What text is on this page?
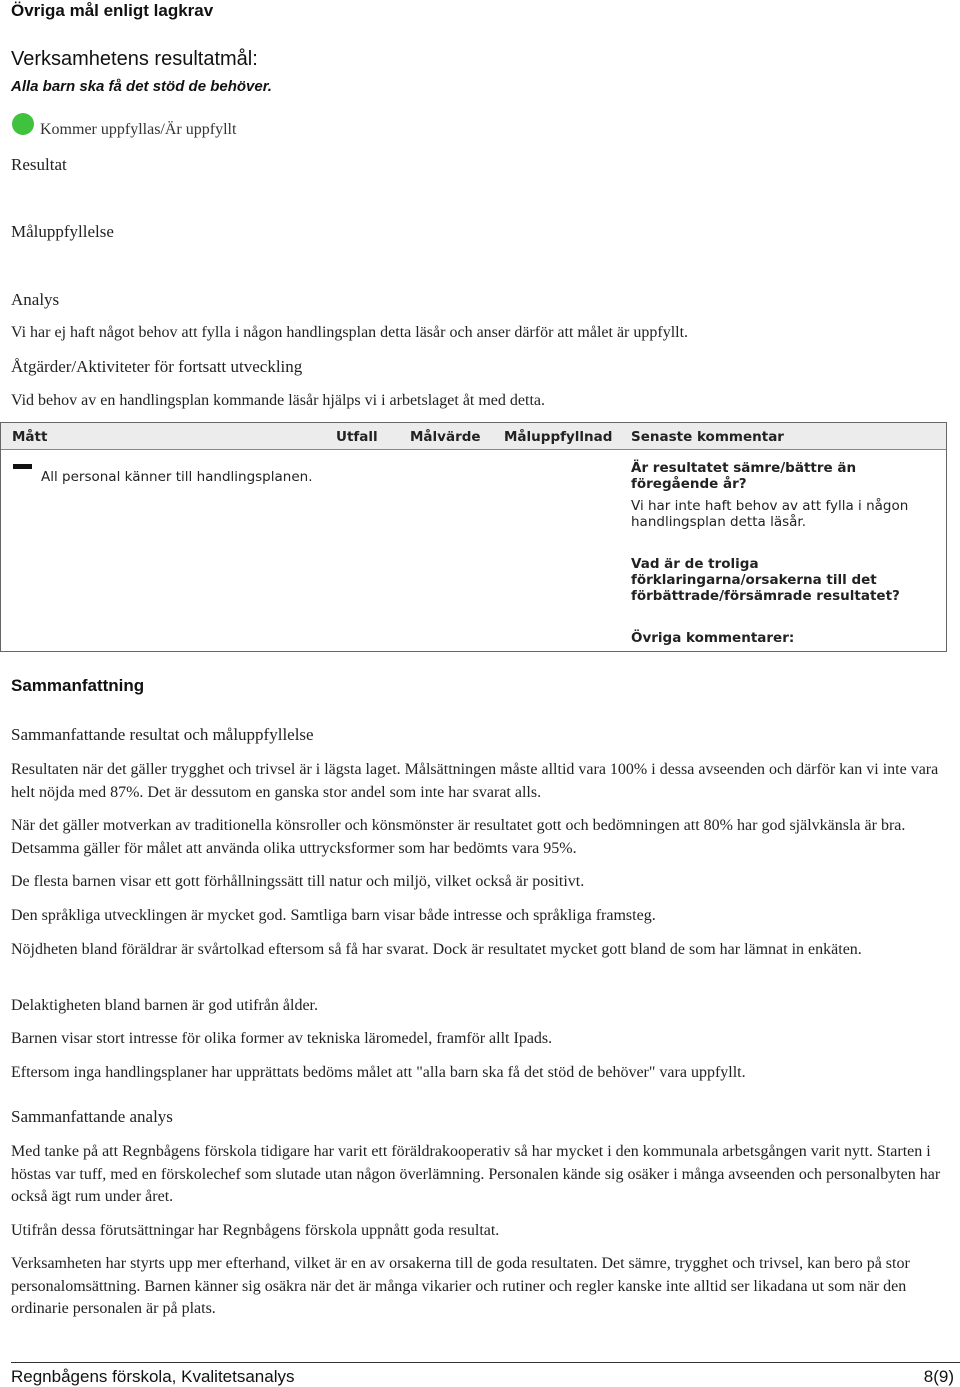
Övriga mål enligt lagkrav
Verksamhetens resultatmål:
Alla barn ska få det stöd de behöver.
Kommer uppfyllas/Är uppfyllt
Resultat
Måluppfyllelse
Analys
Vi har ej haft något behov att fylla i någon handlingsplan detta läsår och anser därför att målet är uppfyllt.
Åtgärder/Aktiviteter för fortsatt utveckling
Vid behov av en handlingsplan kommande läsår hjälps vi i arbetslaget åt med detta.
Mått	Utfall Målvärde Måluppfyllnad Senaste kommentar
All personal känner till handlingsplanen.
Är resultatet sämre/bättre än föregående år?
Vi har inte haft behov av att fylla i någon handlingsplan detta läsår.
Vad är de troliga förklaringarna/orsakerna till det förbättrade/försämrade resultatet?
Övriga kommentarer:
Sammanfattning
Sammanfattande resultat och måluppfyllelse
Resultaten när det gäller trygghet och trivsel är i lägsta laget. Målsättningen måste alltid vara 100% i dessa avseenden och därför kan vi inte vara helt nöjda med 87%. Det är dessutom en ganska stor andel som inte har svarat alls.
När det gäller motverkan av traditionella könsroller och könsmönster är resultatet gott och bedömningen att 80% har god självkänsla är bra. Detsamma gäller för målet att använda olika uttrycksformer som har bedömts vara 95%.
De flesta barnen visar ett gott förhållningssätt till natur och miljö, vilket också är positivt.
Den språkliga utvecklingen är mycket god. Samtliga barn visar både intresse och språkliga framsteg.
Nöjdheten bland föräldrar är svårtolkad eftersom så få har svarat. Dock är resultatet mycket gott bland de som har lämnat in enkäten.
Delaktigheten bland barnen är god utifrån ålder.
Barnen visar stort intresse för olika former av tekniska läromedel, framför allt Ipads.
Eftersom inga handlingsplaner har upprättats bedöms målet att "alla barn ska få det stöd de behöver" vara uppfyllt.
Sammanfattande analys
Med tanke på att Regnbågens förskola tidigare har varit ett föräldrakooperativ så har mycket i den kommunala arbetsgången varit nytt. Starten i höstas var tuff, med en förskolechef som slutade utan någon överlämning. Personalen kände sig osäker i många avseenden och personalbyten har också ägt rum under året.
Utifrån dessa förutsättningar har Regnbågens förskola uppnått goda resultat.
Verksamheten har styrts upp mer efterhand, vilket är en av orsakerna till de goda resultaten. Det sämre, trygghet och trivsel, kan bero på stor personalomsättning. Barnen känner sig osäkra när det är många vikarier och rutiner och regler kanske inte alltid ser likadana ut som när den ordinarie personalen är på plats.
Regnbågens förskola, Kvalitetsanalys	8(9)
